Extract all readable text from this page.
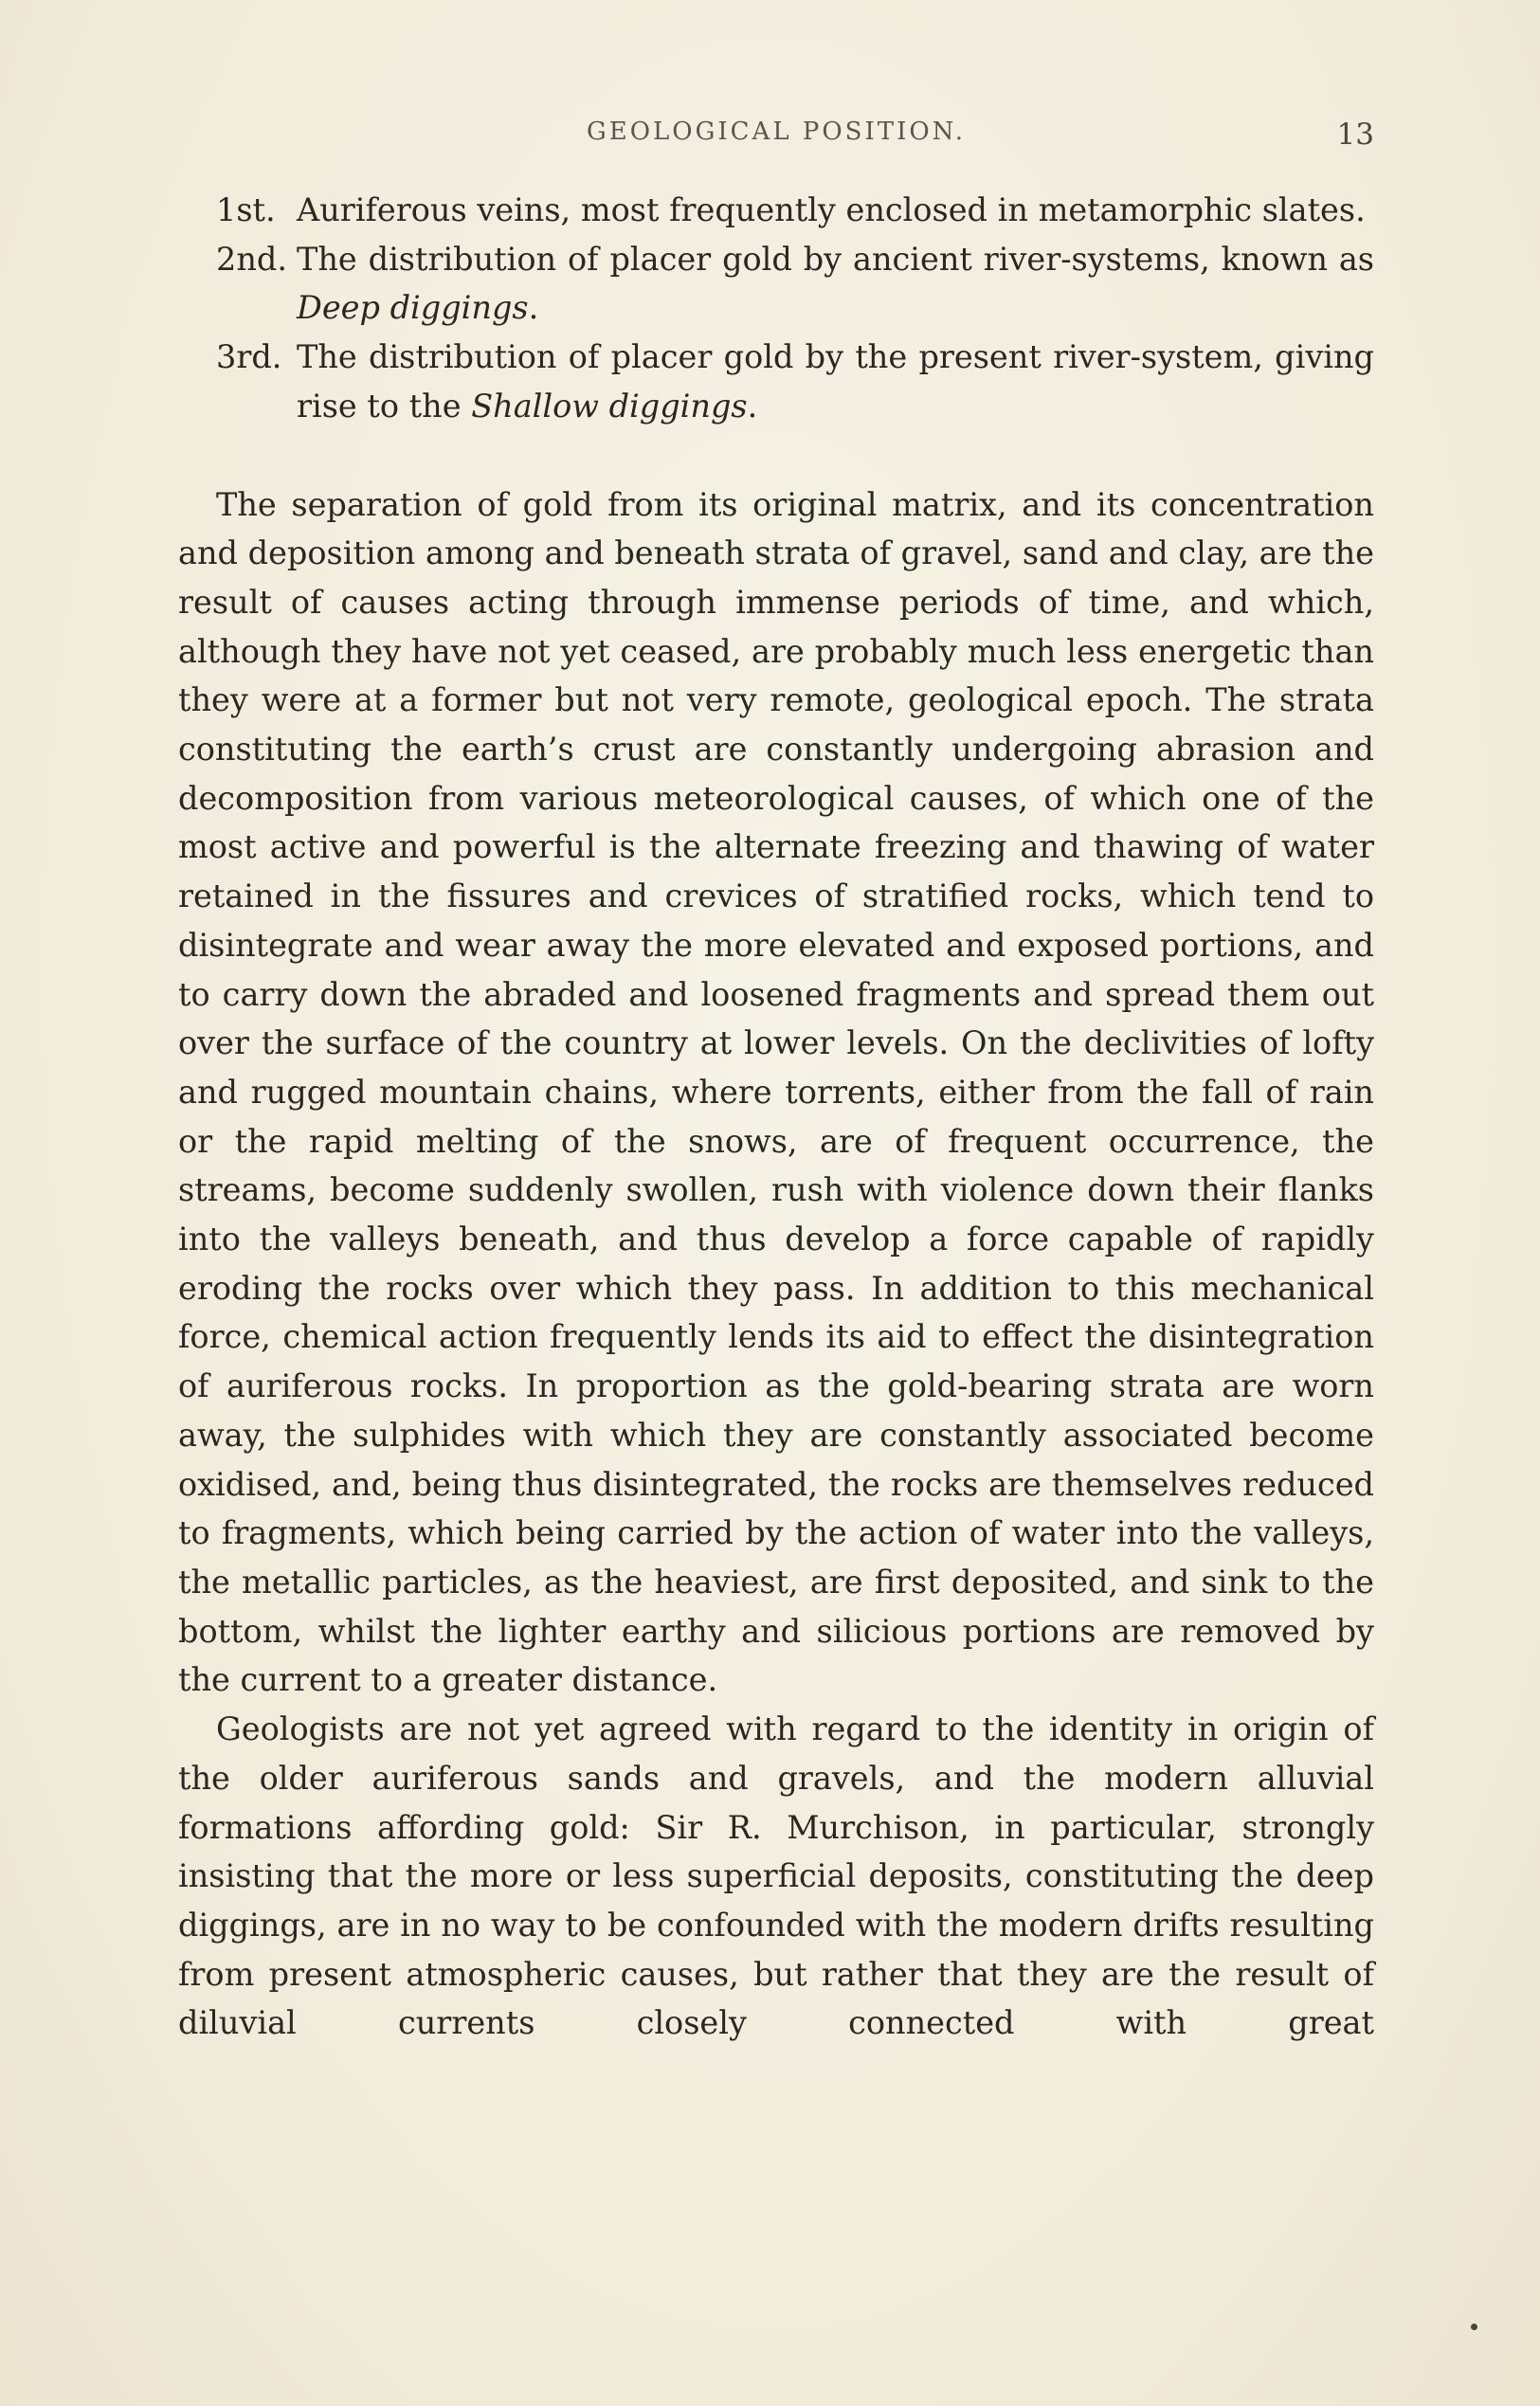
GEOLOGICAL POSITION.	13
1st. Auriferous veins, most frequently enclosed in metamorphic slates.
2nd. The distribution of placer gold by ancient river-systems, known as Deep diggings.
3rd. The distribution of placer gold by the present river-system, giving rise to the Shallow diggings.

The separation of gold from its original matrix, and its concentration and deposition among and beneath strata of gravel, sand and clay, are the result of causes acting through immense periods of time, and which, although they have not yet ceased, are probably much less energetic than they were at a former but not very remote, geological epoch. The strata constituting the earth’s crust are constantly undergoing abrasion and decomposition from various meteorological causes, of which one of the most active and powerful is the alternate freezing and thawing of water retained in the fissures and crevices of stratified rocks, which tend to disintegrate and wear away the more elevated and exposed portions, and to carry down the abraded and loosened fragments and spread them out over the surface of the country at lower levels. On the declivities of lofty and rugged mountain chains, where torrents, either from the fall of rain or the rapid melting of the snows, are of frequent occurrence, the streams, become suddenly swollen, rush with violence down their flanks into the valleys beneath, and thus develop a force capable of rapidly eroding the rocks over which they pass. In addition to this mechanical force, chemical action frequently lends its aid to effect the disintegration of auriferous rocks. In proportion as the gold-bearing strata are worn away, the sulphides with which they are constantly associated become oxidised, and, being thus disintegrated, the rocks are themselves reduced to fragments, which being carried by the action of water into the valleys, the metallic particles, as the heaviest, are first deposited, and sink to the bottom, whilst the lighter earthy and silicious portions are removed by the current to a greater distance.

Geologists are not yet agreed with regard to the identity in origin of the older auriferous sands and gravels, and the modern alluvial formations affording gold: Sir R. Murchison, in particular, strongly insisting that the more or less superficial deposits, constituting the deep diggings, are in no way to be confounded with the modern drifts resulting from present atmospheric causes, but rather that they are the result of diluvial currents closely connected with great
